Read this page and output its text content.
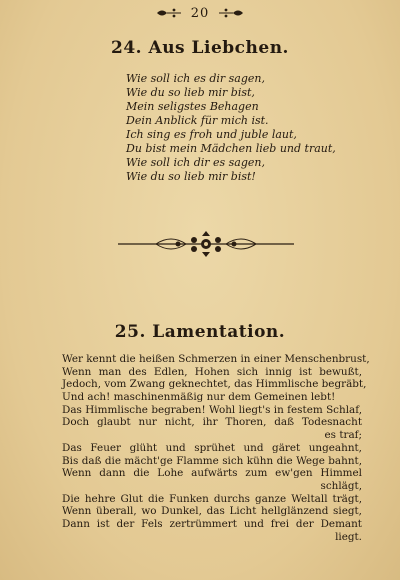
20
24. Aus Liebchen.
Wie soll ich es dir sagen,
Wie du so lieb mir bist,
Mein seligstes Behagen
Dein Anblick für mich ist.
Ich sing es froh und juble laut,
Du bist mein Mädchen lieb und traut,
Wie soll ich dir es sagen,
Wie du so lieb mir bist!
25. Lamentation.
Wer kennt die heißen Schmerzen in einer Menschenbrust,
Wenn man des Edlen, Hohen sich innig ist bewußt,
Jedoch, vom Zwang geknechtet, das Himmlische begräbt,
Und ach! maschinenmäßig nur dem Gemeinen lebt!
Das Himmlische begraben! Wohl liegt's in festem Schlaf,
Doch glaubt nur nicht, ihr Thoren, daß Todesnacht
es traf;
Das Feuer glüht und sprühet und gäret ungeahnt,
Bis daß die mächt'ge Flamme sich kühn die Wege bahnt,
Wenn dann die Lohe aufwärts zum ew'gen Himmel
schlägt,
Die hehre Glut die Funken durchs ganze Weltall trägt,
Wenn überall, wo Dunkel, das Licht hellglänzend siegt,
Dann ist der Fels zertrümmert und frei der Demant
liegt.
